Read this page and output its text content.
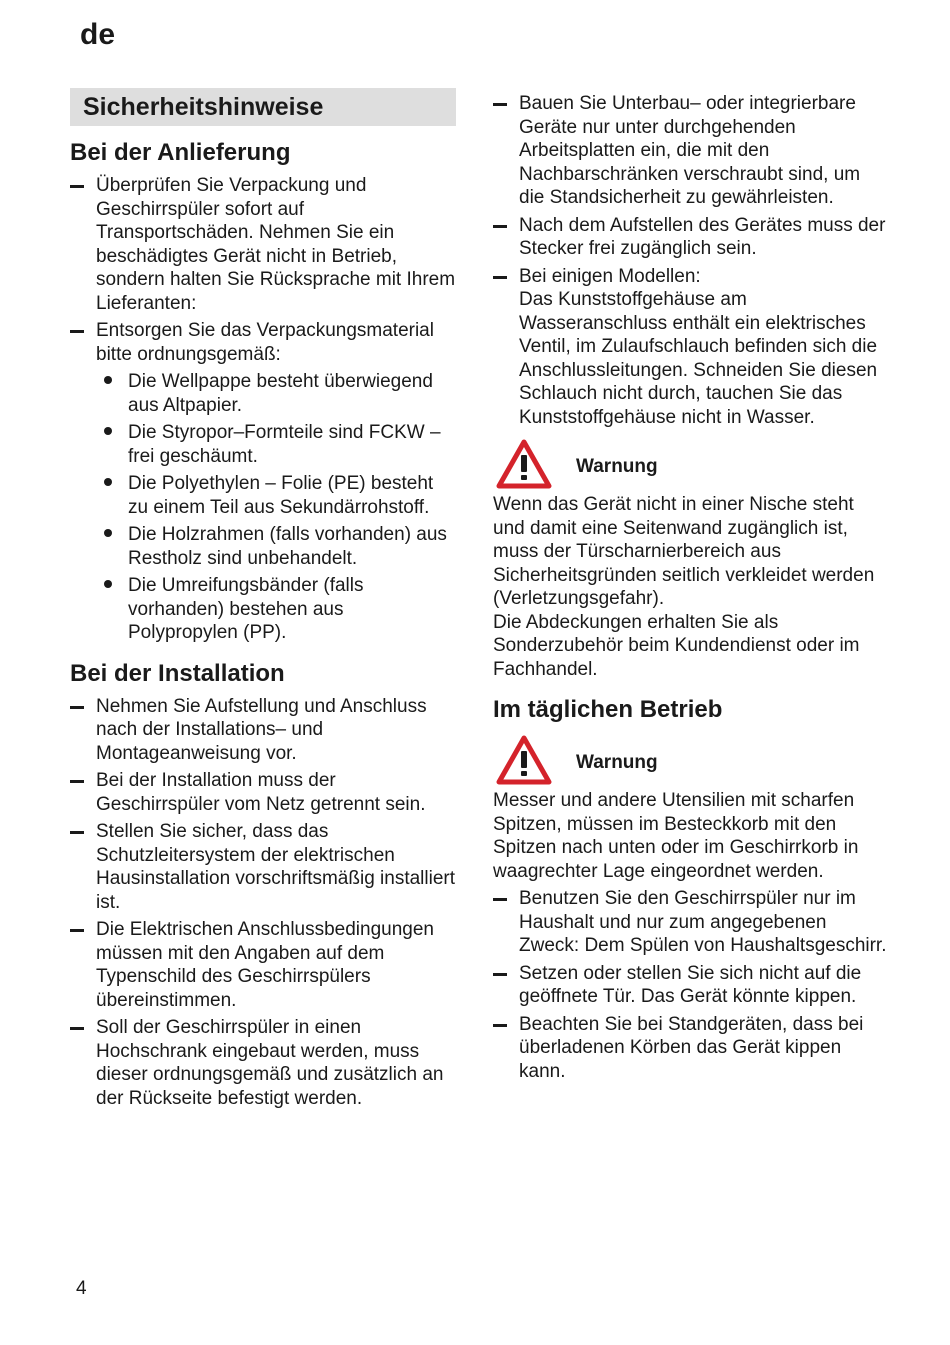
de
Sicherheitshinweise
Bei der Anlieferung
Überprüfen Sie Verpackung und Geschirrspüler sofort auf Transportschäden. Nehmen Sie ein beschädigtes Gerät nicht in Betrieb, sondern halten Sie Rücksprache mit Ihrem Lieferanten:
Entsorgen Sie das Verpackungsmaterial bitte ordnungsgemäß:
Die Wellpappe besteht überwiegend aus Altpapier.
Die Styropor–Formteile sind FCKW – frei geschäumt.
Die Polyethylen – Folie (PE) besteht zu einem Teil aus Sekundärrohstoff.
Die Holzrahmen (falls vorhanden) aus Restholz sind unbehandelt.
Die Umreifungsbänder (falls vorhanden) bestehen aus Polypropylen (PP).
Bei der Installation
Nehmen Sie Aufstellung und Anschluss nach der Installations– und Montageanweisung vor.
Bei der Installation muss der Geschirrspüler vom Netz getrennt sein.
Stellen Sie sicher, dass das Schutzleitersystem der elektrischen Hausinstallation vorschriftsmäßig installiert ist.
Die Elektrischen Anschlussbedingungen müssen mit den Angaben auf dem Typenschild des Geschirrspülers übereinstimmen.
Soll der Geschirrspüler in einen Hochschrank eingebaut werden, muss dieser ordnungsgemäß und zusätzlich an der Rückseite befestigt werden.
Bauen Sie Unterbau– oder integrierbare Geräte nur unter durchgehenden Arbeitsplatten ein, die mit den Nachbarschränken verschraubt sind, um die Standsicherheit zu gewährleisten.
Nach dem Aufstellen des Gerätes muss der Stecker frei zugänglich sein.
Bei einigen Modellen:
Das Kunststoffgehäuse am Wasseranschluss enthält ein elektrisches Ventil, im Zulaufschlauch befinden sich die Anschlussleitungen. Schneiden Sie diesen Schlauch nicht durch, tauchen Sie das Kunststoffgehäuse nicht in Wasser.
Warnung

Wenn das Gerät nicht in einer Nische steht und damit eine Seitenwand zugänglich ist, muss der Türscharnierbereich aus Sicherheitsgründen seitlich verkleidet werden (Verletzungsgefahr).
Die Abdeckungen erhalten Sie als Sonderzubehör beim Kundendienst oder im Fachhandel.

Im täglichen Betrieb
Warnung

Messer und andere Utensilien mit scharfen Spitzen, müssen im Besteckkorb mit den Spitzen nach unten oder im Geschirrkorb in waagrechter Lage eingeordnet werden.

Benutzen Sie den Geschirrspüler nur im Haushalt und nur zum angegebenen Zweck: Dem Spülen von Haushaltsgeschirr.
Setzen oder stellen Sie sich nicht auf die geöffnete Tür. Das Gerät könnte kippen.
Beachten Sie bei Standgeräten, dass bei überladenen Körben das Gerät kippen kann.
4
